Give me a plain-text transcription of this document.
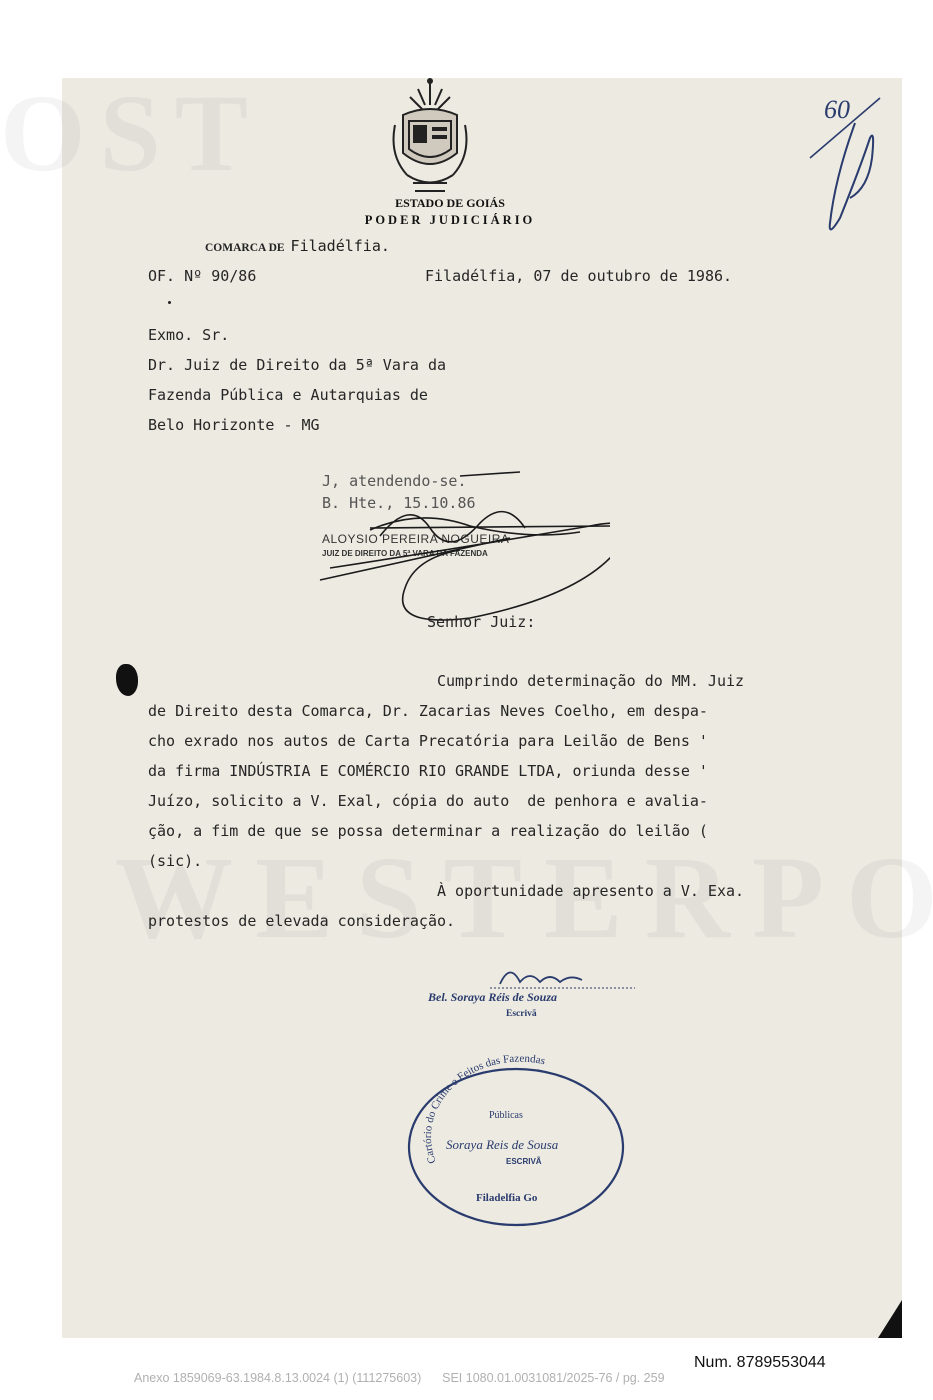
ESTADO DE GOIÁS
PODER JUDICIÁRIO
COMARCA DE Filadélfia.
OF. Nº 90/86	Filadélfia, 07 de outubro de 1986.
Exmo. Sr.
Dr. Juiz de Direito da 5ª Vara da
Fazenda Pública e Autarquias de
Belo Horizonte - MG
J, atendendo-se.
B. Hte., 15.10.86
ALOYSIO PEREIRA NOGUEIRA
JUIZ DE DIREITO DA 5ª VARA DA FAZENDA
Senhor Juiz:
Cumprindo determinação do MM. Juiz
de Direito desta Comarca, Dr. Zacarias Neves Coelho, em despa-
cho exrado nos autos de Carta Precatória para Leilão de Bens '
da firma INDÚSTRIA E COMÉRCIO RIO GRANDE LTDA, oriunda desse '
Juízo, solicito a V. Exal, cópia do auto  de penhora e avalia-
ção, a fim de que se possa determinar a realização do leilão (
(sic).
À oportunidade apresento a V. Exa.
protestos de elevada consideração.
Bel. Soraya Réis de Souza
Escrivã
Cartório do Crime e Feitos das Fazendas
Públicas
Soraya Reis de Sousa
ESCRIVÃ
Filadelfia Go
60
Num. 8789553044
Anexo 1859069-63.1984.8.13.0024 (1) (111275603) SEI 1080.01.0031081/2025-76 / pg. 259
